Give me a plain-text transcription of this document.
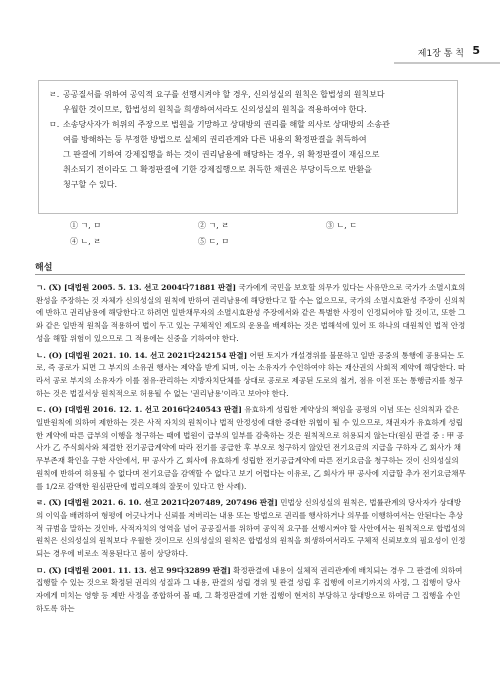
제1장 통 칙 5

ㄹ. 공공질서를 위하여 공익적 요구를 선행시켜야 할 경우, 신의성실의 원칙은 합법성의 원칙보다
우월한 것이므로, 합법성의 원칙을 희생하여서라도 신의성실의 원칙을 적용하여야 한다.

ㅁ. 소송당사자가 허위의 주장으로 법원을 기망하고 상대방의 권리를 해할 의사로 상대방의 소송관
여를 방해하는 등 부정한 방법으로 실체의 권리관계와 다른 내용의 확정판결을 취득하여
그 판결에 기하여 강제집행을 하는 것이 권리남용에 해당하는 경우, 위 확정판결이 재심으로
취소되기 전이라도 그 확정판결에 기한 강제집행으로 취득한 채권은 부당이득으로 반환을
청구할 수 있다.

① ㄱ, ㅁ	② ㄱ, ㄹ	③ ㄴ, ㄷ
④ ㄴ, ㄹ	⑤ ㄷ, ㅁ
해설

ㄱ. (X) [대법원 2005. 5. 13. 선고 2004다71881 판결] 국가에게 국민을 보호할 의무가 있다는 사유만으로 국가가 소멸시효의 완성을 주장하는 것 자체가 신의성실의 원칙에 반하여 권리남용에 해당한다고 할 수는 없으므로, 국가의 소멸시효완성 주장이 신의칙에 반하고 권리남용에 해당한다고 하려면 일반채무자의 소멸시효완성 주장에서와 같은 특별한 사정이 인정되어야 할 것이고, 또한 그와 같은 일반적 원칙을 적용하여 법이 두고 있는 구체적인 제도의 운용을 배제하는 것은 법해석에 있어 또 하나의 대원칙인 법적 안정성을 해할 위험이 있으므로 그 적용에는 신중을 기하여야 한다.

ㄴ. (O) [대법원 2021. 10. 14. 선고 2021다242154 판결] 어떤 토지가 개설경위를 불문하고 일반 공중의 통행에 공용되는 도로, 즉 공로가 되면 그 부지의 소유권 행사는 제약을 받게 되며, 이는 소유자가 수인하여야 하는 재산권의 사회적 제약에 해당한다. 따라서 공로 부지의 소유자가 이를 점유·관리하는 지방자치단체를 상대로 공로로 제공된 도로의 철거, 점유 이전 또는 통행금지를 청구하는 것은 법질서상 원칙적으로 허용될 수 없는 '권리남용'이라고 보아야 한다.

ㄷ. (O) [대법원 2016. 12. 1. 선고 2016다240543 판결] 유효하게 성립한 계약상의 책임을 공평의 이념 또는 신의칙과 같은 일반원칙에 의하여 제한하는 것은 사적 자치의 원칙이나 법적 안정성에 대한 중대한 위협이 될 수 있으므로, 채권자가 유효하게 성립한 계약에 따른 급부의 이행을 청구하는 때에 법원이 급부의 일부를 감축하는 것은 원칙적으로 허용되지 않는다(원심 판결 중 : 甲 공사가 乙 주식회사와 체결한 전기공급계약에 따라 전기를 공급한 후 부오로 청구하지 않았던 전기요금의 지급을 구하자 乙 회사가 채무부존재 확인을 구한 사안에서, 甲 공사가 乙 회사에 유효하게 성립한 전기공급계약에 따른 전기요금을 청구하는 것이 신의성실의 원칙에 반하여 허용될 수 없다며 전기요금을 감액할 수 없다고 보기 어렵다는 이유로, 乙 회사가 甲 공사에 지급할 추가 전기요금채무를 1/2로 감액한 원심판단에 법리오해의 잘못이 있다고 한 사례).

ㄹ. (X) [대법원 2021. 6. 10. 선고 2021다207489, 207496 판결] 민법상 신의성실의 원칙은, 법률관계의 당사자가 상대방의 이익을 배려하여 형평에 어긋나거나 신뢰를 저버리는 내용 또는 방법으로 권리를 행사하거나 의무를 이행하여서는 안된다는 추상적 규범을 말하는 것인바, 사적자치의 영역을 넘어 공공질서를 위하여 공익적 요구를 선행시켜야 할 사안에서는 원칙적으로 합법성의 원칙은 신의성실의 원칙보다 우월한 것이므로 신의성실의 원칙은 합법성의 원칙을 희생하여서라도 구체적 신뢰보호의 필요성이 인정되는 경우에 비로소 적용된다고 봄이 상당하다.

ㅁ. (X) [대법원 2001. 11. 13. 선고 99다32899 판결] 확정판결에 내용이 실체적 권리관계에 배치되는 경우 그 판결에 의하여 집행할 수 있는 것으로 확정된 권리의 성질과 그 내용, 판결의 성립 경위 및 판결 성립 후 집행에 이르기까지의 사정, 그 집행이 당사자에게 미치는 영향 등 제반 사정을 종합하여 볼 때, 그 확정판결에 기한 집행이 현저히 부당하고 상대방으로 하여금 그 집행을 수인하도록 하는
